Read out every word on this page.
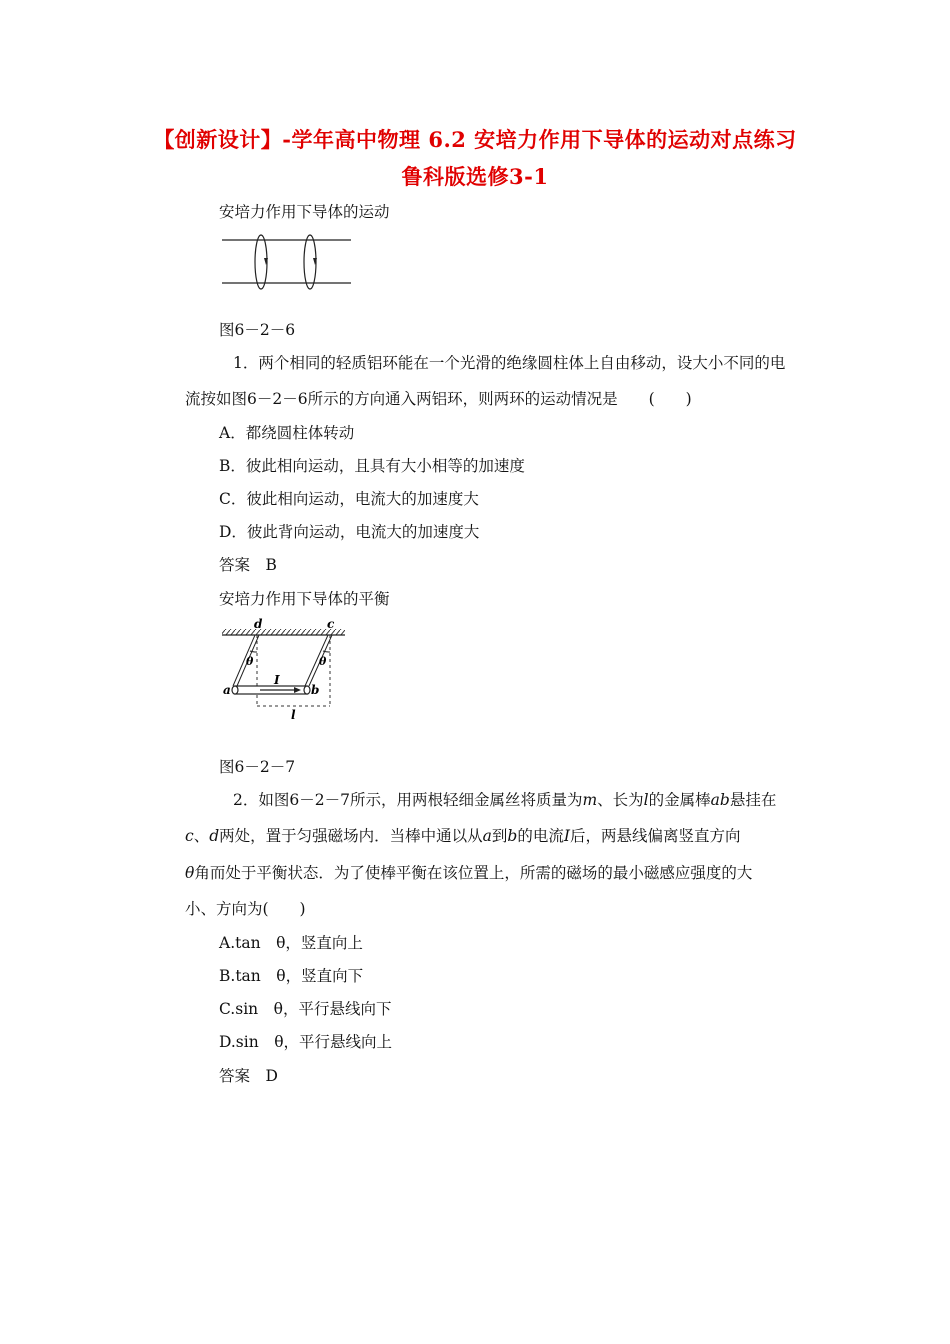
【创新设计】-学年高中物理 6.2 安培力作用下导体的运动对点练习
鲁科版选修3-1
安培力作用下导体的运动
图6－2－6
1．两个相同的轻质铝环能在一个光滑的绝缘圆柱体上自由移动，设大小不同的电
流按如图6－2－6所示的方向通入两铝环，则两环的运动情况是　　(　　)
A．都绕圆柱体转动
B．彼此相向运动，且具有大小相等的加速度
C．彼此相向运动，电流大的加速度大
D．彼此背向运动，电流大的加速度大
答案　B
安培力作用下导体的平衡
d	c
θ	θ
a
I
b
l
图6－2－7
2．如图6－2－7所示，用两根轻细金属丝将质量为m、长为l的金属棒ab悬挂在
c、d两处，置于匀强磁场内．当棒中通以从a到b的电流I后，两悬线偏离竖直方向
θ角而处于平衡状态．为了使棒平衡在该位置上，所需的磁场的最小磁感应强度的大
小、方向为(　　)
A.tan　θ，竖直向上
B.tan　θ，竖直向下
C.sin　θ，平行悬线向下
D.sin　θ，平行悬线向上
答案　D
